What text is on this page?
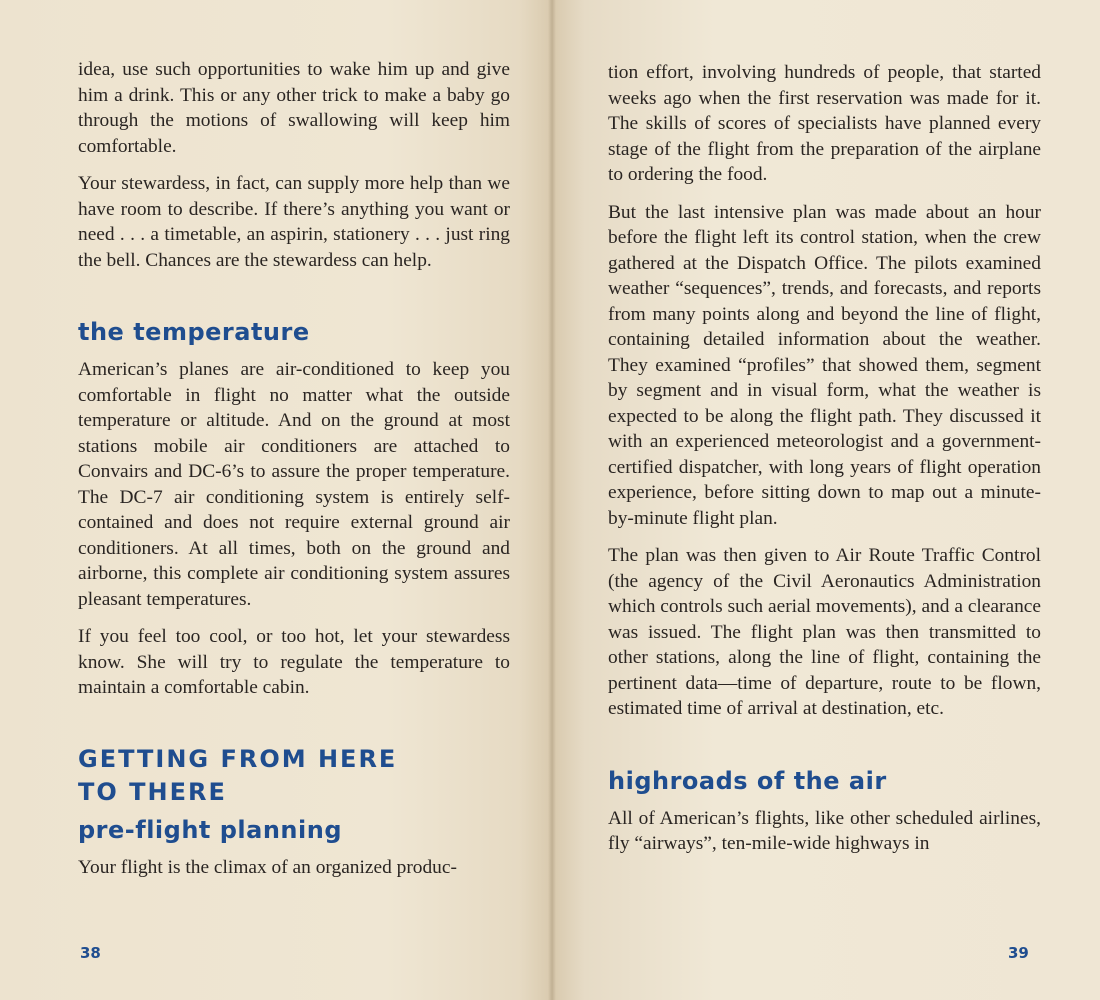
idea, use such opportunities to wake him up and give him a drink. This or any other trick to make a baby go through the motions of swallowing will keep him comfortable.

Your stewardess, in fact, can supply more help than we have room to describe. If there’s anything you want or need . . . a timetable, an aspirin, stationery . . . just ring the bell. Chances are the stewardess can help.

the temperature

American’s planes are air-conditioned to keep you comfortable in flight no matter what the outside temperature or altitude. And on the ground at most stations mobile air conditioners are attached to Convairs and DC-6’s to assure the proper temperature. The DC-7 air conditioning system is entirely self-contained and does not require external ground air conditioners. At all times, both on the ground and airborne, this complete air conditioning system assures pleasant temperatures.

If you feel too cool, or too hot, let your stewardess know. She will try to regulate the temperature to maintain a comfortable cabin.

GETTING FROM HERE
TO THERE
pre-flight planning

Your flight is the climax of an organized produc-

38

tion effort, involving hundreds of people, that started weeks ago when the first reservation was made for it. The skills of scores of specialists have planned every stage of the flight from the preparation of the airplane to ordering the food.

But the last intensive plan was made about an hour before the flight left its control station, when the crew gathered at the Dispatch Office. The pilots examined weather “sequences”, trends, and forecasts, and reports from many points along and beyond the line of flight, containing detailed information about the weather. They examined “profiles” that showed them, segment by segment and in visual form, what the weather is expected to be along the flight path. They discussed it with an experienced meteorologist and a government-certified dispatcher, with long years of flight operation experience, before sitting down to map out a minute-by-minute flight plan.

The plan was then given to Air Route Traffic Control (the agency of the Civil Aeronautics Administration which controls such aerial movements), and a clearance was issued. The flight plan was then transmitted to other stations, along the line of flight, containing the pertinent data—time of departure, route to be flown, estimated time of arrival at destination, etc.

highroads of the air

All of American’s flights, like other scheduled airlines, fly “airways”, ten-mile-wide highways in

39
